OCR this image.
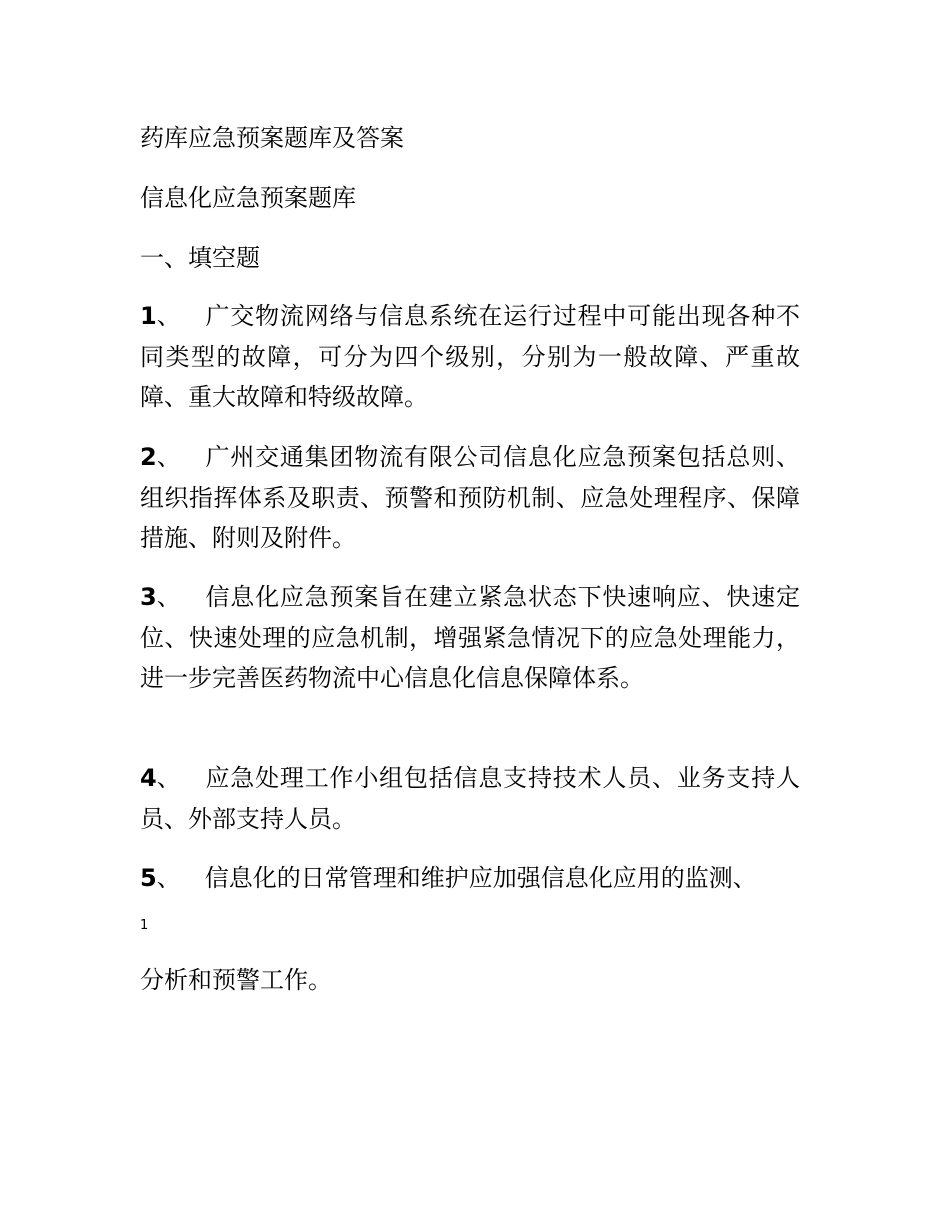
药库应急预案题库及答案
信息化应急预案题库
一、填空题
1、 广交物流网络与信息系统在运行过程中可能出现各种不同类型的故障，可分为四个级别，分别为一般故障、严重故障、重大故障和特级故障。
2、 广州交通集团物流有限公司信息化应急预案包括总则、组织指挥体系及职责、预警和预防机制、应急处理程序、保障措施、附则及附件。
3、 信息化应急预案旨在建立紧急状态下快速响应、快速定位、快速处理的应急机制，增强紧急情况下的应急处理能力，进一步完善医药物流中心信息化信息保障体系。
4、 应急处理工作小组包括信息支持技术人员、业务支持人员、外部支持人员。
5、 信息化的日常管理和维护应加强信息化应用的监测、
1
分析和预警工作。
